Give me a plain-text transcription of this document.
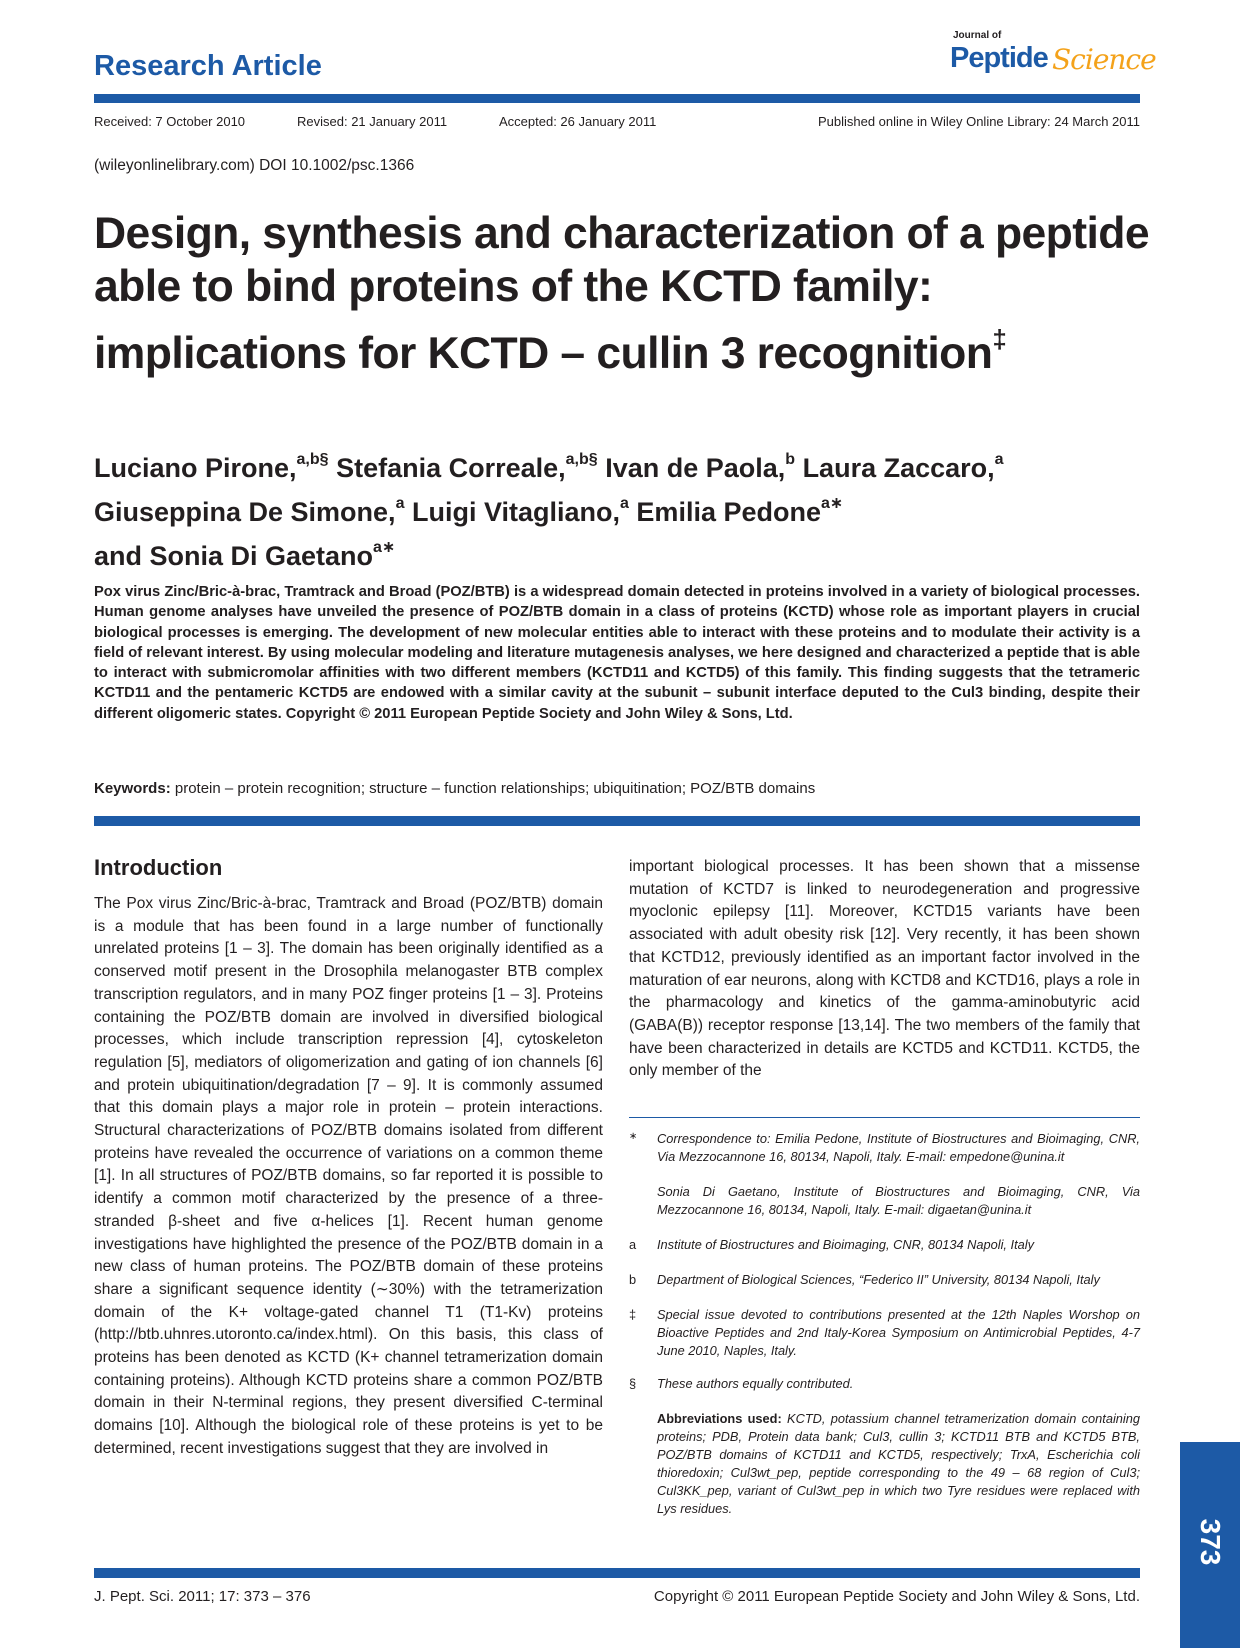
Research Article
Journal of
Peptide Science
Received: 7 October 2010	Revised: 21 January 2011	Accepted: 26 January 2011	Published online in Wiley Online Library: 24 March 2011
(wileyonlinelibrary.com) DOI 10.1002/psc.1366
Design, synthesis and characterization of a peptide able to bind proteins of the KCTD family: implications for KCTD – cullin 3 recognition‡
Luciano Pirone,$^{a,b\S}$ Stefania Correale,$^{a,b\S}$ Ivan de Paola,$^b$ Laura Zaccaro,$^a$
Giuseppina De Simone,$^a$ Luigi Vitagliano,$^a$ Emilia Pedone$^{a∗}$
and Sonia Di Gaetano$^{a∗}$
Pox virus Zinc/Bric-à-brac, Tramtrack and Broad (POZ/BTB) is a widespread domain detected in proteins involved in a variety of biological processes. Human genome analyses have unveiled the presence of POZ/BTB domain in a class of proteins (KCTD) whose role as important players in crucial biological processes is emerging. The development of new molecular entities able to interact with these proteins and to modulate their activity is a field of relevant interest. By using molecular modeling and literature mutagenesis analyses, we here designed and characterized a peptide that is able to interact with submicromolar affinities with two different members (KCTD11 and KCTD5) of this family. This finding suggests that the tetrameric KCTD11 and the pentameric KCTD5 are endowed with a similar cavity at the subunit – subunit interface deputed to the Cul3 binding, despite their different oligomeric states. Copyright © 2011 European Peptide Society and John Wiley & Sons, Ltd.
Keywords: protein – protein recognition; structure – function relationships; ubiquitination; POZ/BTB domains
Introduction
The Pox virus Zinc/Bric-à-brac, Tramtrack and Broad (POZ/BTB) domain is a module that has been found in a large number of functionally unrelated proteins [1 – 3]. The domain has been originally identified as a conserved motif present in the Drosophila melanogaster BTB complex transcription regulators, and in many POZ finger proteins [1 – 3]. Proteins containing the POZ/BTB domain are involved in diversified biological processes, which include transcription repression [4], cytoskeleton regulation [5], mediators of oligomerization and gating of ion channels [6] and protein ubiquitination/degradation [7 – 9]. It is commonly assumed that this domain plays a major role in protein – protein interactions. Structural characterizations of POZ/BTB domains isolated from different proteins have revealed the occurrence of variations on a common theme [1]. In all structures of POZ/BTB domains, so far reported it is possible to identify a common motif characterized by the presence of a three-stranded β-sheet and five α-helices [1]. Recent human genome investigations have highlighted the presence of the POZ/BTB domain in a new class of human proteins. The POZ/BTB domain of these proteins share a significant sequence identity (∼30%) with the tetramerization domain of the K+ voltage-gated channel T1 (T1-Kv) proteins (http://btb.uhnres.utoronto.ca/index.html). On this basis, this class of proteins has been denoted as KCTD (K+ channel tetramerization domain containing proteins). Although KCTD proteins share a common POZ/BTB domain in their N-terminal regions, they present diversified C-terminal domains [10]. Although the biological role of these proteins is yet to be determined, recent investigations suggest that they are involved in
important biological processes. It has been shown that a missense mutation of KCTD7 is linked to neurodegeneration and progressive myoclonic epilepsy [11]. Moreover, KCTD15 variants have been associated with adult obesity risk [12]. Very recently, it has been shown that KCTD12, previously identified as an important factor involved in the maturation of ear neurons, along with KCTD8 and KCTD16, plays a role in the pharmacology and kinetics of the gamma-aminobutyric acid (GABA(B)) receptor response [13,14]. The two members of the family that have been characterized in details are KCTD5 and KCTD11. KCTD5, the only member of the
∗	Correspondence to: Emilia Pedone, Institute of Biostructures and Bioimaging, CNR, Via Mezzocannone 16, 80134, Napoli, Italy. E-mail: empedone@unina.it
Sonia Di Gaetano, Institute of Biostructures and Bioimaging, CNR, Via Mezzocannone 16, 80134, Napoli, Italy. E-mail: digaetan@unina.it
a	Institute of Biostructures and Bioimaging, CNR, 80134 Napoli, Italy
b	Department of Biological Sciences, “Federico II” University, 80134 Napoli, Italy
‡	Special issue devoted to contributions presented at the 12th Naples Worshop on Bioactive Peptides and 2nd Italy-Korea Symposium on Antimicrobial Peptides, 4-7 June 2010, Naples, Italy.
§	These authors equally contributed.
Abbreviations used: KCTD, potassium channel tetramerization domain containing proteins; PDB, Protein data bank; Cul3, cullin 3; KCTD11 BTB and KCTD5 BTB, POZ/BTB domains of KCTD11 and KCTD5, respectively; TrxA, Escherichia coli thioredoxin; Cul3wt_pep, peptide corresponding to the 49 – 68 region of Cul3; Cul3KK_pep, variant of Cul3wt_pep in which two Tyre residues were replaced with Lys residues.
J. Pept. Sci. 2011; 17: 373 – 376	Copyright © 2011 European Peptide Society and John Wiley & Sons, Ltd.
373
